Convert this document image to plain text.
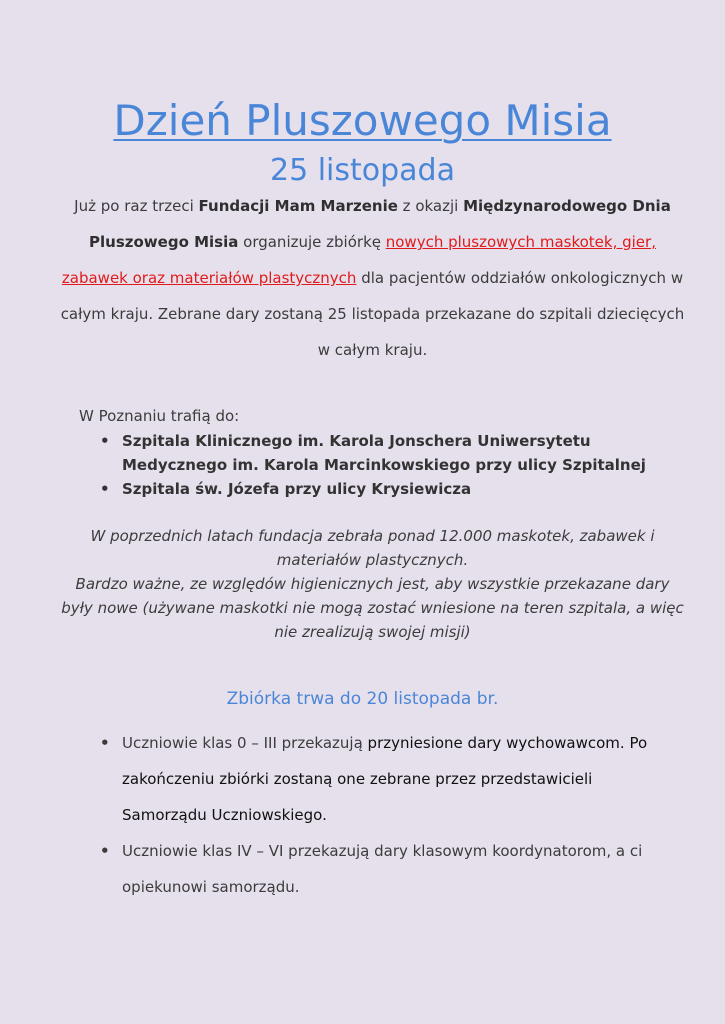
Dzień Pluszowego Misia
25 listopada
Już po raz trzeci Fundacji Mam Marzenie z okazji Międzynarodowego Dnia Pluszowego Misia organizuje zbiórkę nowych pluszowych maskotek, gier, zabawek oraz materiałów plastycznych dla pacjentów oddziałów onkologicznych w całym kraju. Zebrane dary zostaną 25 listopada przekazane do szpitali dziecięcych w całym kraju.
W Poznaniu trafią do:
• Szpitala Klinicznego im. Karola Jonschera Uniwersytetu Medycznego im. Karola Marcinkowskiego przy ulicy Szpitalnej
• Szpitala św. Józefa przy ulicy Krysiewicza

W poprzednich latach fundacja zebrała ponad 12.000 maskotek, zabawek i materiałów plastycznych.

Bardzo ważne, ze względów higienicznych jest, aby wszystkie przekazane dary były nowe (używane maskotki nie mogą zostać wniesione na teren szpitala, a więc nie zrealizują swojej misji)

Zbiórka trwa do 20 listopada br.
• Uczniowie klas 0 – III przekazują przyniesione dary wychowawcom. Po zakończeniu zbiórki zostaną one zebrane przez przedstawicieli Samorządu Uczniowskiego.
• Uczniowie klas IV – VI przekazują dary klasowym koordynatorom, a ci opiekunowi samorządu.
